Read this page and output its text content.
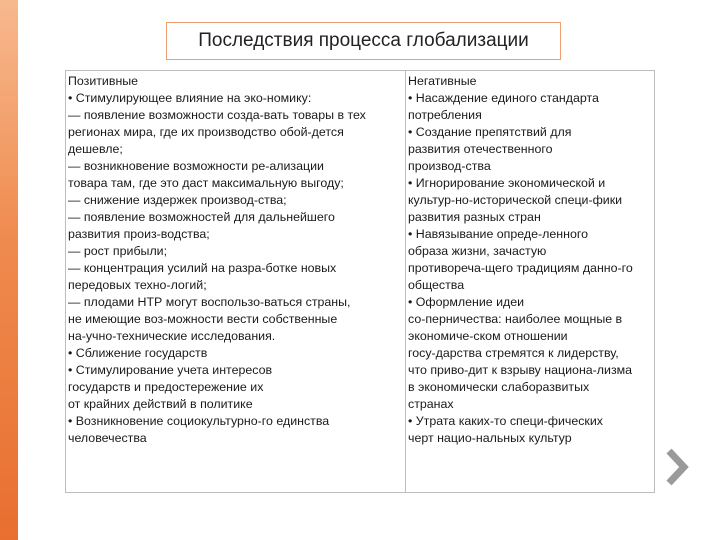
Последствия процесса глобализации
Позитивные
• Стимулирующее влияние на эко-номику:
— появление возможности созда-вать товары в тех
регионах мира, где их производство обой-дется
дешевле;
— возникновение возможности ре-ализации
товара там, где это даст максимальную выгоду;
— снижение издержек производ-ства;
— появление возможностей для дальнейшего
развития произ-водства;
— рост прибыли;
— концентрация усилий на разра-ботке новых
передовых техно-логий;
— плодами НТР могут воспользо-ваться страны,
не имеющие воз-можности вести собственные
на-учно-технические исследования.
• Сближение государств
• Стимулирование учета интересов
государств и предостережение их
от крайних действий в политике
• Возникновение социокультурно-го единства
человечества
Негативные
• Насаждение единого стандарта
потребления
• Создание препятствий для
развития отечественного
производ-ства
• Игнорирование экономической и
культур-но-исторической специ-фики
развития разных стран
• Навязывание опреде-ленного
образа жизни, зачастую
противореча-щего традициям данно-го
общества
• Оформление идеи
со-перничества: наиболее мощные в
экономиче-ском отношении
госу-дарства стремятся к лидерству,
что приво-дит к взрыву национа-лизма
в экономически слаборазвитых
странах
• Утрата каких-то специ-фических
черт нацио-нальных культур
